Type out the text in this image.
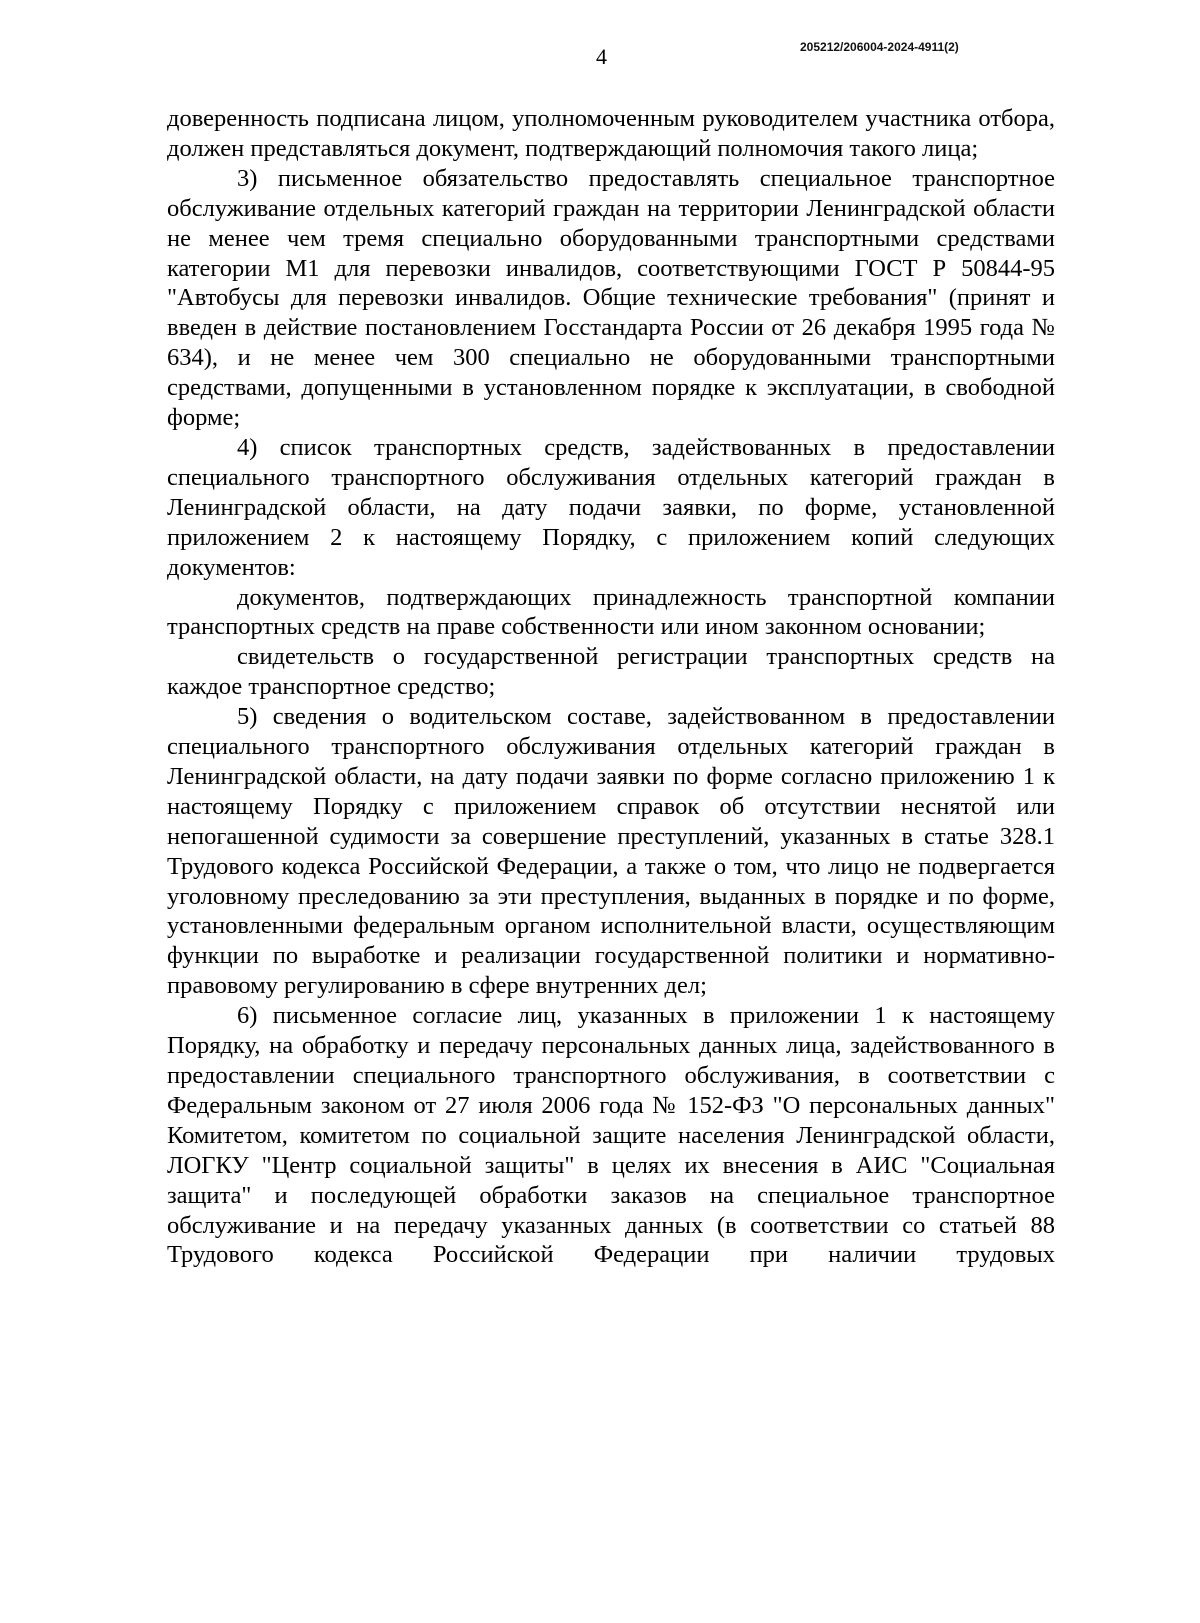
4	205212/206004-2024-4911(2)

доверенность подписана лицом, уполномоченным руководителем участника отбора, должен представляться документ, подтверждающий полномочия такого лица;

3) письменное обязательство предоставлять специальное транспортное обслуживание отдельных категорий граждан на территории Ленинградской области не менее чем тремя специально оборудованными транспортными средствами категории М1 для перевозки инвалидов, соответствующими ГОСТ Р 50844-95 "Автобусы для перевозки инвалидов. Общие технические требования" (принят и введен в действие постановлением Госстандарта России от 26 декабря 1995 года № 634), и не менее чем 300 специально не оборудованными транспортными средствами, допущенными в установленном порядке к эксплуатации, в свободной форме;

4) список транспортных средств, задействованных в предоставлении специального транспортного обслуживания отдельных категорий граждан в Ленинградской области, на дату подачи заявки, по форме, установленной приложением 2 к настоящему Порядку, с приложением копий следующих документов:

документов, подтверждающих принадлежность транспортной компании транспортных средств на праве собственности или ином законном основании;

свидетельств о государственной регистрации транспортных средств на каждое транспортное средство;

5) сведения о водительском составе, задействованном в предоставлении специального транспортного обслуживания отдельных категорий граждан в Ленинградской области, на дату подачи заявки по форме согласно приложению 1 к настоящему Порядку с приложением справок об отсутствии неснятой или непогашенной судимости за совершение преступлений, указанных в статье 328.1 Трудового кодекса Российской Федерации, а также о том, что лицо не подвергается уголовному преследованию за эти преступления, выданных в порядке и по форме, установленными федеральным органом исполнительной власти, осуществляющим функции по выработке и реализации государственной политики и нормативно-правовому регулированию в сфере внутренних дел;

6) письменное согласие лиц, указанных в приложении 1 к настоящему Порядку, на обработку и передачу персональных данных лица, задействованного в предоставлении специального транспортного обслуживания, в соответствии с Федеральным законом от 27 июля 2006 года № 152-ФЗ "О персональных данных" Комитетом, комитетом по социальной защите населения Ленинградской области, ЛОГКУ "Центр социальной защиты" в целях их внесения в АИС "Социальная защита" и последующей обработки заказов на специальное транспортное обслуживание и на передачу указанных данных (в соответствии со статьей 88 Трудового кодекса Российской Федерации при наличии трудовых
